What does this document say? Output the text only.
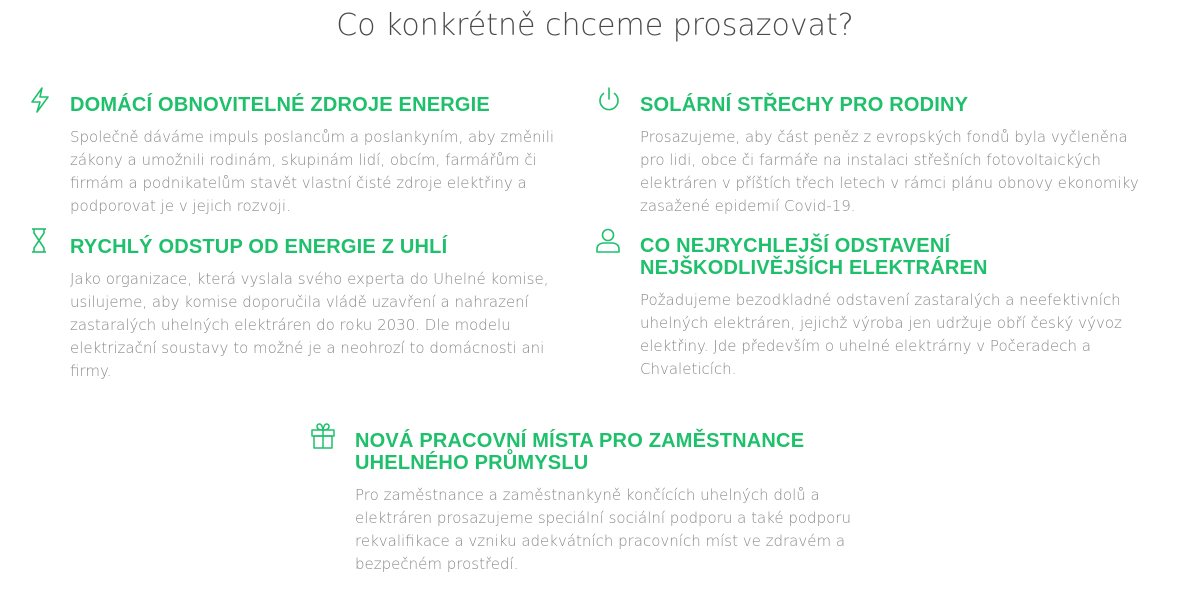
Co konkrétně chceme prosazovat?
DOMÁCÍ OBNOVITELNÉ ZDROJE ENERGIE

Společně dáváme impuls poslancům a poslankyním, aby změnili zákony a umožnili rodinám, skupinám lidí, obcím, farmářům či firmám a podnikatelům stavět vlastní čisté zdroje elektřiny a podporovat je v jejich rozvoji.

SOLÁRNÍ STŘECHY PRO RODINY

Prosazujeme, aby část peněz z evropských fondů byla vyčleněna pro lidi, obce či farmáře na instalaci střešních fotovoltaických elektráren v příštích třech letech v rámci plánu obnovy ekonomiky zasažené epidemií Covid-19.

RYCHLÝ ODSTUP OD ENERGIE Z UHLÍ

Jako organizace, která vyslala svého experta do Uhelné komise, usilujeme, aby komise doporučila vládě uzavření a nahrazení zastaralých uhelných elektráren do roku 2030. Dle modelu elektrizační soustavy to možné je a neohrozí to domácnosti ani firmy.

CO NEJRYCHLEJŠÍ ODSTAVENÍ NEJŠKODLIVĚJŠÍCH ELEKTRÁREN

Požadujeme bezodkladné odstavení zastaralých a neefektivních uhelných elektráren, jejichž výroba jen udržuje obří český vývoz elektřiny. Jde především o uhelné elektrárny v Počeradech a Chvaleticích.

NOVÁ PRACOVNÍ MÍSTA PRO ZAMĚSTNANCE UHELNÉHO PRŮMYSLU

Pro zaměstnance a zaměstnankyně končících uhelných dolů a elektráren prosazujeme speciální sociální podporu a také podporu rekvalifikace a vzniku adekvátních pracovních míst ve zdravém a bezpečném prostředí.
